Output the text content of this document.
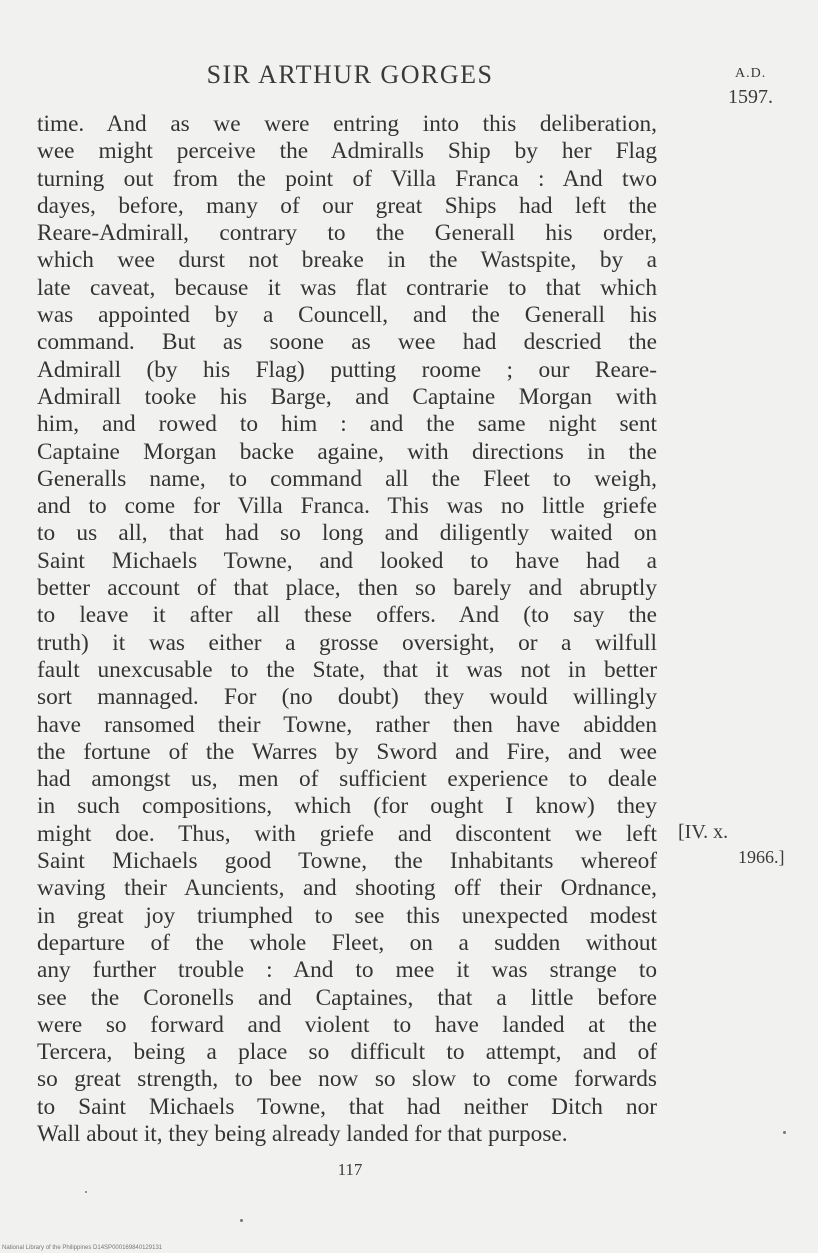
SIR ARTHUR GORGES	A.D.
1597.
time. And as we were entring into this deliberation,
wee might perceive the Admiralls Ship by her Flag
turning out from the point of Villa Franca : And two
dayes, before, many of our great Ships had left the
Reare-Admirall, contrary to the Generall his order,
which wee durst not breake in the Wastspite, by a
late caveat, because it was flat contrarie to that which
was appointed by a Councell, and the Generall his
command. But as soone as wee had descried the
Admirall (by his Flag) putting roome ; our Reare-
Admirall tooke his Barge, and Captaine Morgan with
him, and rowed to him : and the same night sent
Captaine Morgan backe againe, with directions in the
Generalls name, to command all the Fleet to weigh,
and to come for Villa Franca. This was no little griefe
to us all, that had so long and diligently waited on
Saint Michaels Towne, and looked to have had a
better account of that place, then so barely and abruptly
to leave it after all these offers. And (to say the
truth) it was either a grosse oversight, or a wilfull
fault unexcusable to the State, that it was not in better
sort mannaged. For (no doubt) they would willingly
have ransomed their Towne, rather then have abidden
the fortune of the Warres by Sword and Fire, and wee
had amongst us, men of sufficient experience to deale
in such compositions, which (for ought I know) they
might doe. Thus, with griefe and discontent we left
Saint Michaels good Towne, the Inhabitants whereof
waving their Auncients, and shooting off their Ordnance,
in great joy triumphed to see this unexpected modest
departure of the whole Fleet, on a sudden without
any further trouble : And to mee it was strange to
see the Coronells and Captaines, that a little before
were so forward and violent to have landed at the
Tercera, being a place so difficult to attempt, and of
so great strength, to bee now so slow to come forwards
to Saint Michaels Towne, that had neither Ditch nor
Wall about it, they being already landed for that purpose.
[IV. x.
1966.]
117
National Library of the Philippines D14SP000169840129131
